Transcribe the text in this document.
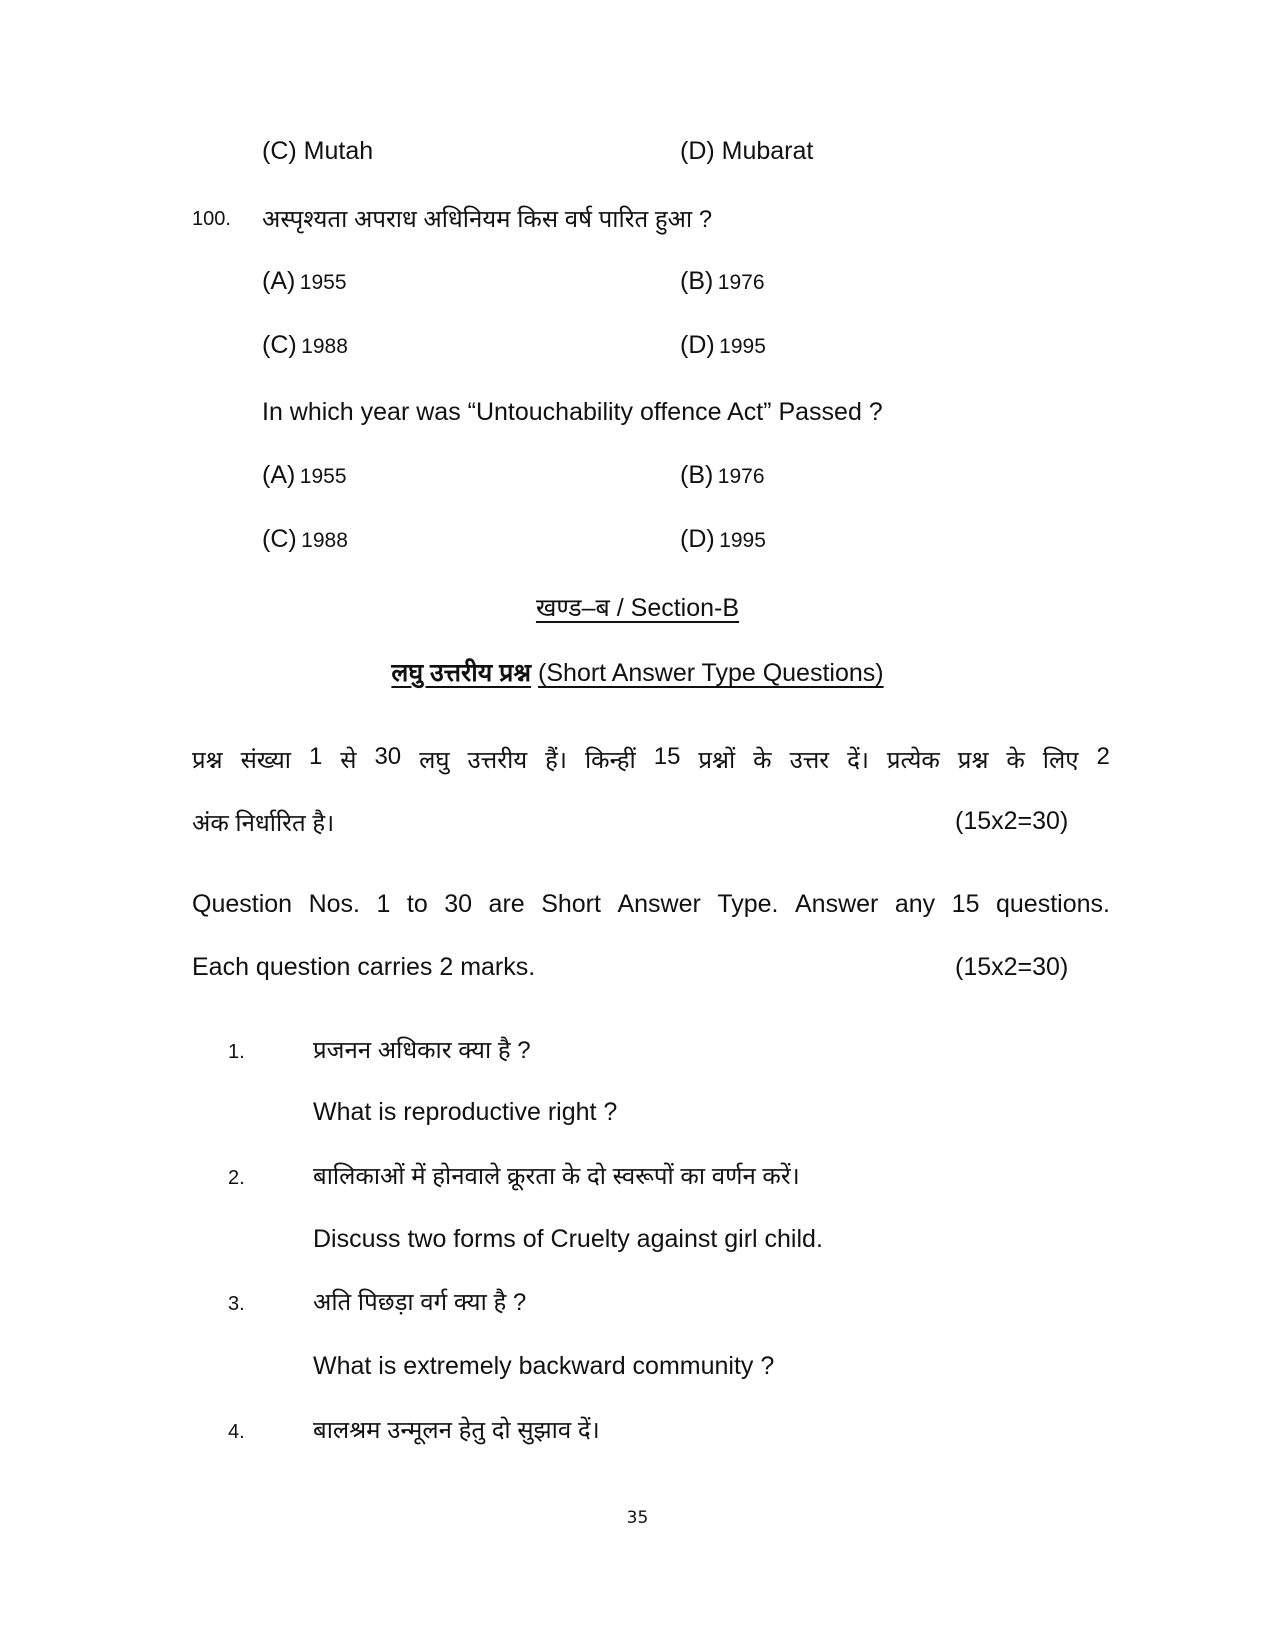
(C) Mutah	(D) Mubarat
100. अस्पृश्यता अपराध अधिनियम किस वर्ष पारित हुआ ?
(A) 1955	(B) 1976
(C) 1988	(D) 1995
In which year was “Untouchability offence Act” Passed ?
(A) 1955	(B) 1976
(C) 1988	(D) 1995
खण्ड–ब / Section-B
लघु उत्तरीय प्रश्न (Short Answer Type Questions)
प्रश्न संख्या 1 से 30 लघु उत्तरीय हैं। किन्हीं 15 प्रश्नों के उत्तर दें। प्रत्येक प्रश्न के लिए 2
अंक निर्धारित है।	(15x2=30)
Question Nos. 1 to 30 are Short Answer Type. Answer any 15 questions.
Each question carries 2 marks.	(15x2=30)
1.	प्रजनन अधिकार क्या है ?
What is reproductive right ?
2.	बालिकाओं में होनवाले क्रूरता के दो स्वरूपों का वर्णन करें।
Discuss two forms of Cruelty against girl child.
3.	अति पिछड़ा वर्ग क्या है ?
What is extremely backward community ?
4.	बालश्रम उन्मूलन हेतु दो सुझाव दें।
35
